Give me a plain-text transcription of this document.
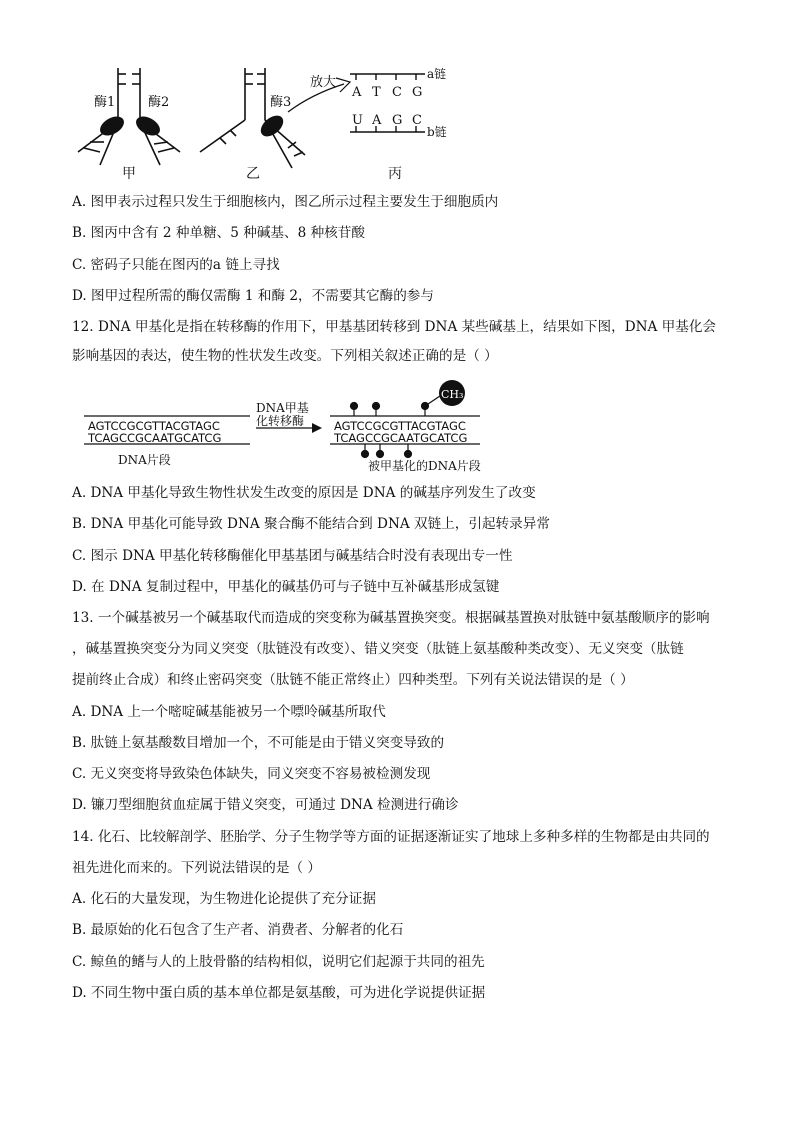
酶1	酶2	酶3
放大
A T C G
U A G C
a链
b链
甲	乙	丙
A. 图甲表示过程只发生于细胞核内，图乙所示过程主要发生于细胞质内
B. 图丙中含有 2 种单糖、5 种碱基、8 种核苷酸
C. 密码子只能在图丙的a 链上寻找
D. 图甲过程所需的酶仅需酶 1 和酶 2，不需要其它酶的参与
12. DNA 甲基化是指在转移酶的作用下，甲基基团转移到 DNA 某些碱基上，结果如下图，DNA 甲基化会
影响基因的表达，使生物的性状发生改变。下列相关叙述正确的是（ ）
AGTCCGCGTTACGTAGC
TCAGCCGCAATGCATCG
DNA片段
DNA甲基
化转移酶	AGTCCGCGTTACGTAGC
TCAGCCGCAATGCATCG
CH₃
被甲基化的DNA片段
A. DNA 甲基化导致生物性状发生改变的原因是 DNA 的碱基序列发生了改变
B. DNA 甲基化可能导致 DNA 聚合酶不能结合到 DNA 双链上，引起转录异常
C. 图示 DNA 甲基化转移酶催化甲基基团与碱基结合时没有表现出专一性
D. 在 DNA 复制过程中，甲基化的碱基仍可与子链中互补碱基形成氢键
13. 一个碱基被另一个碱基取代而造成的突变称为碱基置换突变。根据碱基置换对肽链中氨基酸顺序的影响
，碱基置换突变分为同义突变（肽链没有改变）、错义突变（肽链上氨基酸种类改变）、无义突变（肽链
提前终止合成）和终止密码突变（肽链不能正常终止）四种类型。下列有关说法错误的是（ ）
A. DNA 上一个嘧啶碱基能被另一个嘌呤碱基所取代
B. 肽链上氨基酸数目增加一个，不可能是由于错义突变导致的
C. 无义突变将导致染色体缺失，同义突变不容易被检测发现
D. 镰刀型细胞贫血症属于错义突变，可通过 DNA 检测进行确诊
14. 化石、比较解剖学、胚胎学、分子生物学等方面的证据逐渐证实了地球上多种多样的生物都是由共同的
祖先进化而来的。下列说法错误的是（ ）
A. 化石的大量发现，为生物进化论提供了充分证据
B. 最原始的化石包含了生产者、消费者、分解者的化石
C. 鲸鱼的鳍与人的上肢骨骼的结构相似，说明它们起源于共同的祖先
D. 不同生物中蛋白质的基本单位都是氨基酸，可为进化学说提供证据
